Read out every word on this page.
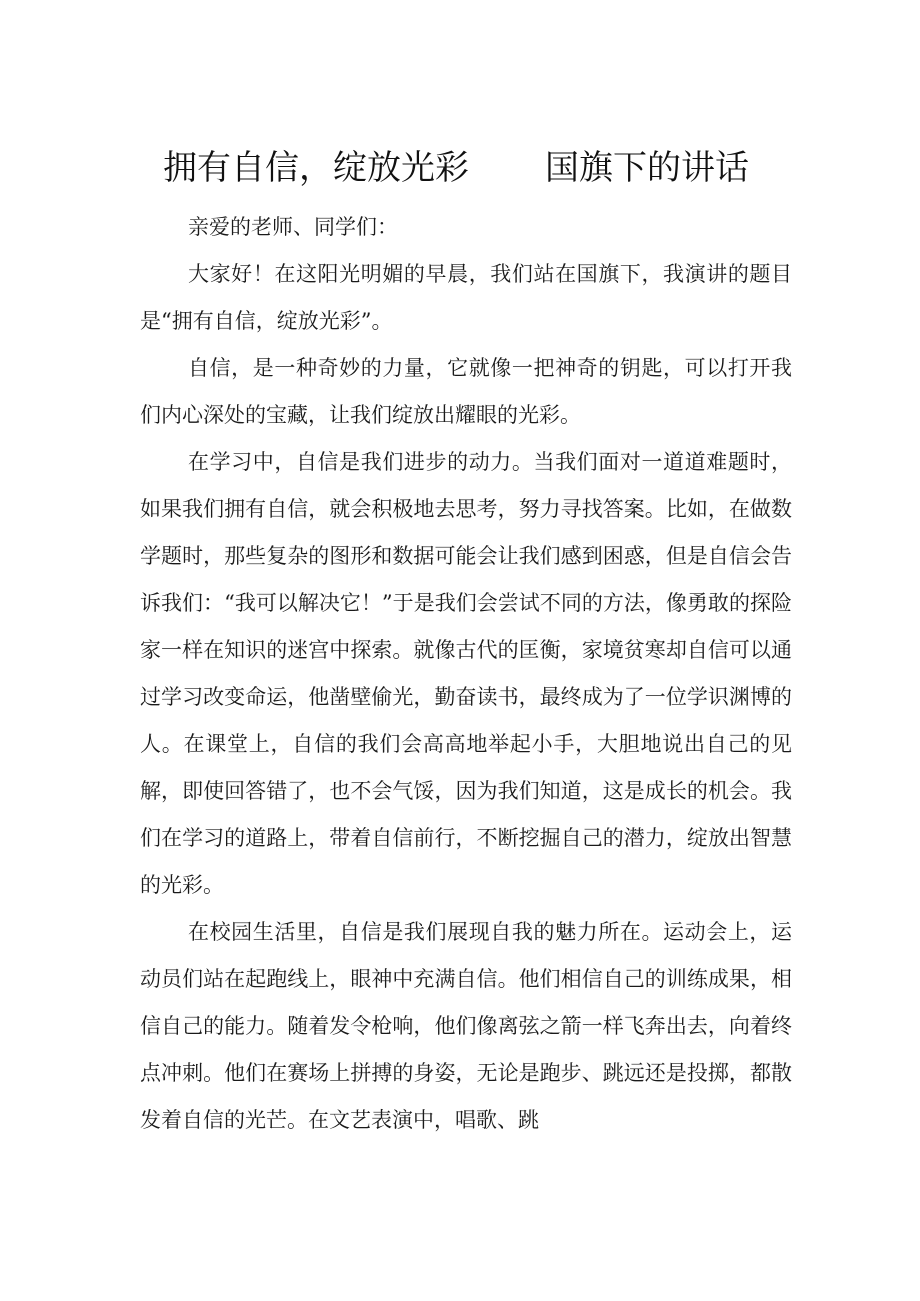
拥有自信，绽放光彩 国旗下的讲话

亲爱的老师、同学们：

大家好！在这阳光明媚的早晨，我们站在国旗下，我演讲的题目是“拥有自信，绽放光彩”。

自信，是一种奇妙的力量，它就像一把神奇的钥匙，可以打开我们内心深处的宝藏，让我们绽放出耀眼的光彩。

在学习中，自信是我们进步的动力。当我们面对一道道难题时，如果我们拥有自信，就会积极地去思考，努力寻找答案。比如，在做数学题时，那些复杂的图形和数据可能会让我们感到困惑，但是自信会告诉我们：“我可以解决它！”于是我们会尝试不同的方法，像勇敢的探险家一样在知识的迷宫中探索。就像古代的匡衡，家境贫寒却自信可以通过学习改变命运，他凿壁偷光，勤奋读书，最终成为了一位学识渊博的人。在课堂上，自信的我们会高高地举起小手，大胆地说出自己的见解，即使回答错了，也不会气馁，因为我们知道，这是成长的机会。我们在学习的道路上，带着自信前行，不断挖掘自己的潜力，绽放出智慧的光彩。

在校园生活里，自信是我们展现自我的魅力所在。运动会上，运动员们站在起跑线上，眼神中充满自信。他们相信自己的训练成果，相信自己的能力。随着发令枪响，他们像离弦之箭一样飞奔出去，向着终点冲刺。他们在赛场上拼搏的身姿，无论是跑步、跳远还是投掷，都散发着自信的光芒。在文艺表演中，唱歌、跳
